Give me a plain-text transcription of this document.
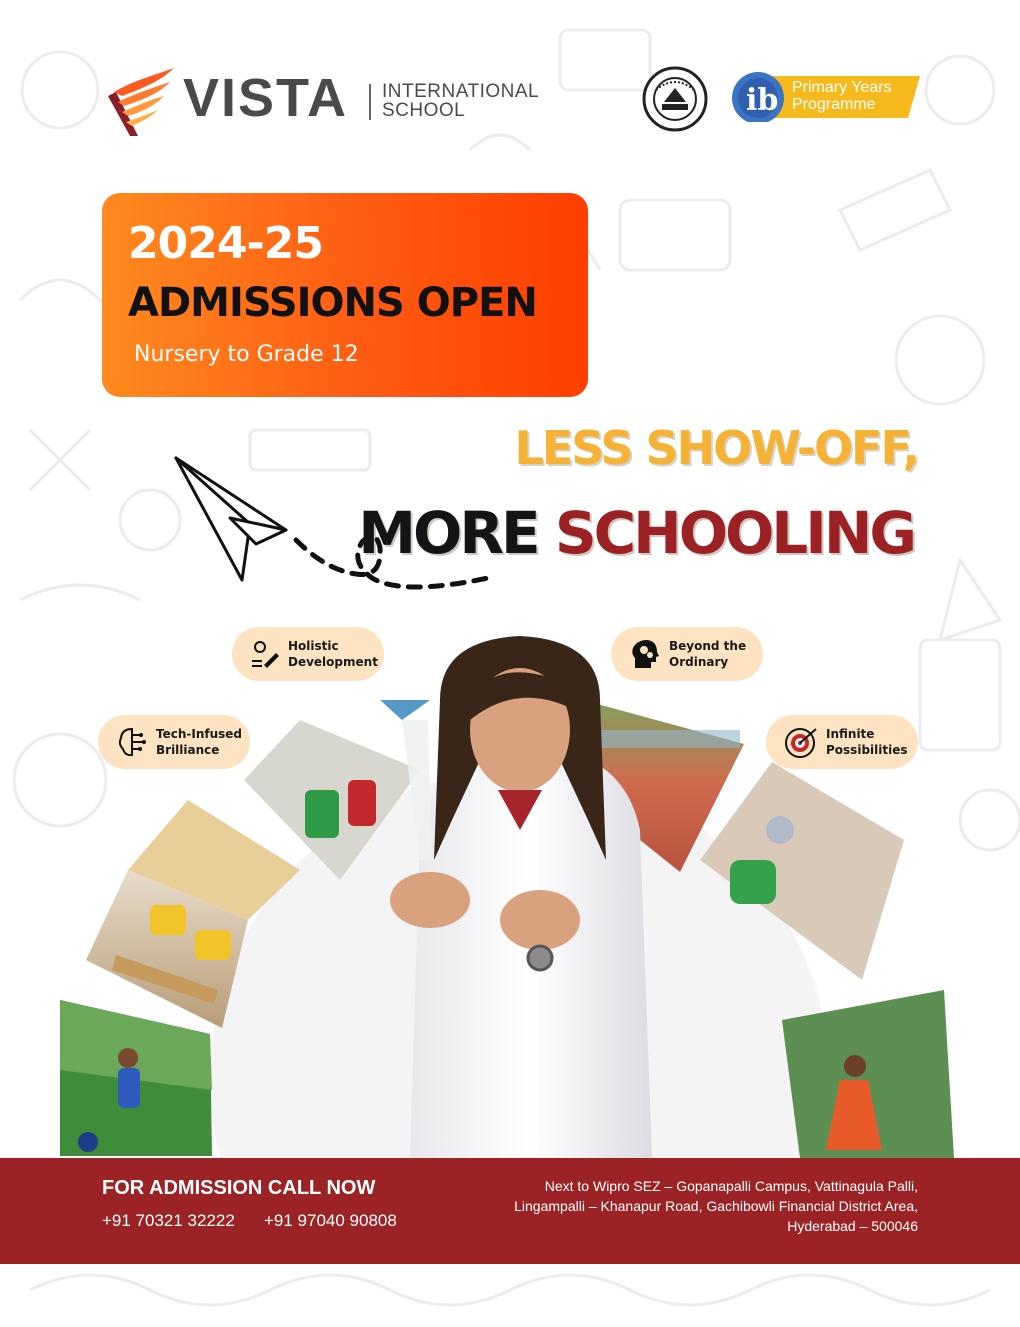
VISTA INTERNATIONAL
SCHOOL	ib Primary Years
Programme
2024-25
ADMISSIONS OPEN
Nursery to Grade 12
LESS SHOW-OFF,
MORE SCHOOLING
Holistic
Development
Beyond the
Ordinary
Tech-Infused
Brilliance
Infinite
Possibilities
FOR ADMISSION CALL NOW
+91 70321 32222 +91 97040 90808
Next to Wipro SEZ – Gopanapalli Campus, Vattinagula Palli,
Lingampalli – Khanapur Road, Gachibowli Financial District Area,
Hyderabad – 500046
